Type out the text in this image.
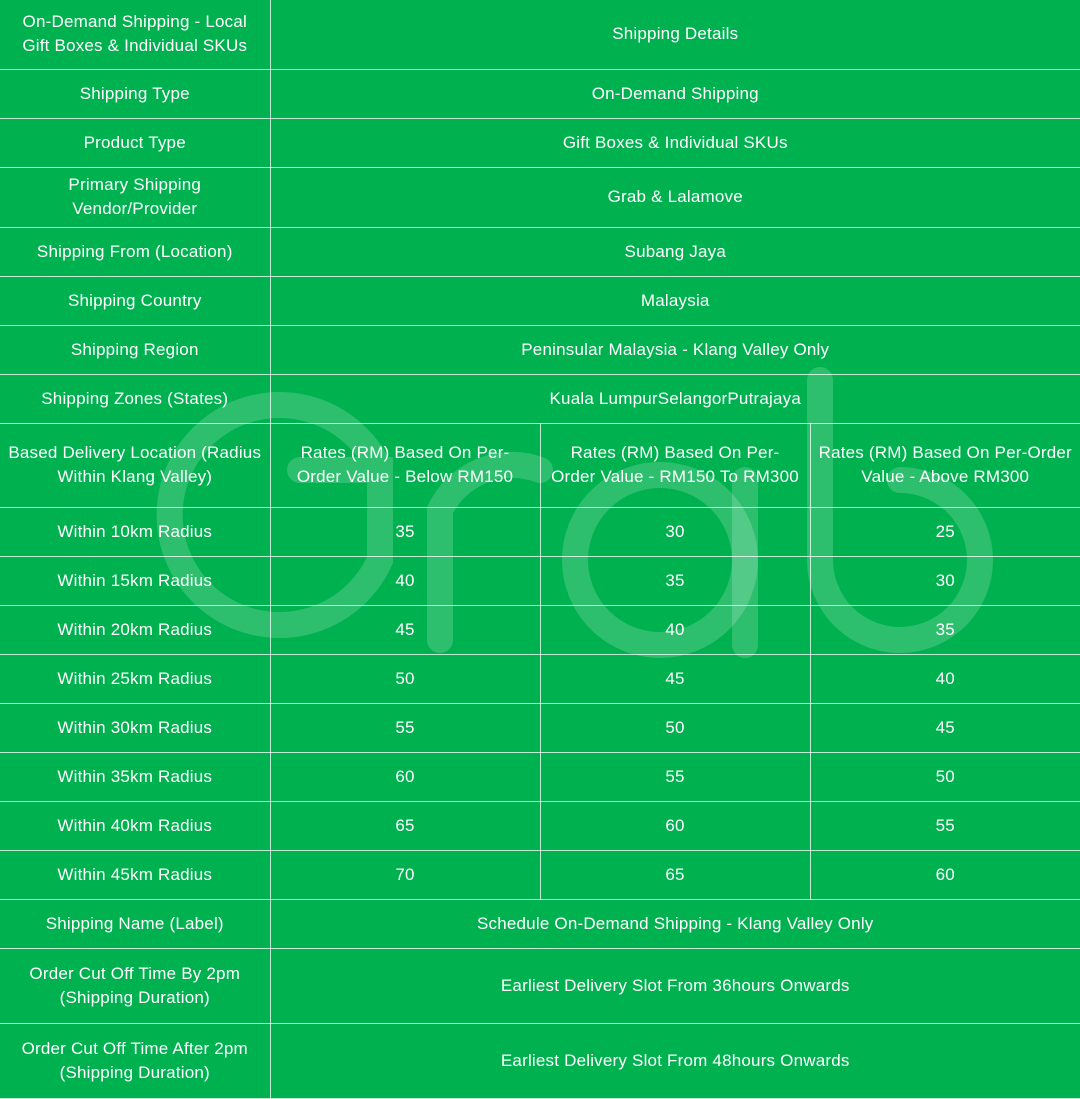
On-Demand Shipping - Local Gift Boxes & Individual SKUs	Shipping Details		
Shipping Type	On-Demand Shipping		
Product Type	Gift Boxes & Individual SKUs		
Primary Shipping Vendor/Provider	Grab & Lalamove		
Shipping From (Location)	Subang Jaya		
Shipping Country	Malaysia		
Shipping Region	Peninsular Malaysia - Klang Valley Only		
Shipping Zones (States)	Kuala LumpurSelangorPutrajaya		
Based Delivery Location (Radius Within Klang Valley)	Rates (RM) Based On Per-Order Value - Below RM150	Rates (RM) Based On Per-Order Value - RM150 To RM300	Rates (RM) Based On Per-Order Value - Above RM300
Within 10km Radius	35	30	25
Within 15km Radius	40	35	30
Within 20km Radius	45	40	35
Within 25km Radius	50	45	40
Within 30km Radius	55	50	45
Within 35km Radius	60	55	50
Within 40km Radius	65	60	55
Within 45km Radius	70	65	60
Shipping Name (Label)	Schedule On-Demand Shipping - Klang Valley Only		
Order Cut Off Time By 2pm (Shipping Duration)	Earliest Delivery Slot From 36hours Onwards		
Order Cut Off Time After 2pm (Shipping Duration)	Earliest Delivery Slot From 48hours Onwards		
